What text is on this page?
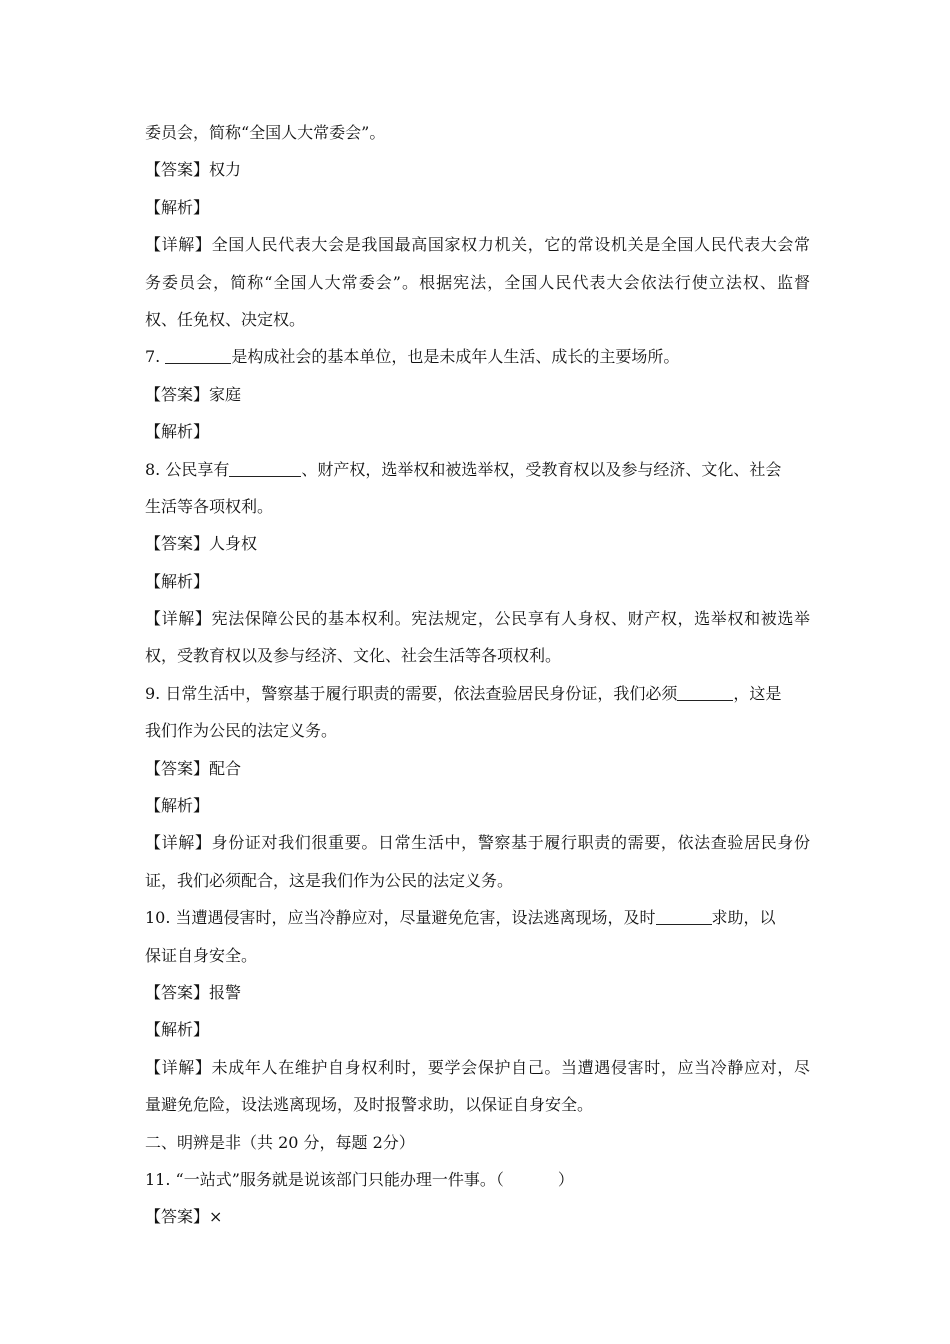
委员会，简称“全国人大常委会”。
【答案】权力
【解析】
【详解】全国人民代表大会是我国最高国家权力机关，它的常设机关是全国人民代表大会常
务委员会，简称“全国人大常委会”。根据宪法，全国人民代表大会依法行使立法权、监督
权、任免权、决定权。
7.	是构成社会的基本单位，也是未成年人生活、成长的主要场所。
【答案】家庭
【解析】
8. 公民享有	、财产权，选举权和被选举权，受教育权以及参与经济、文化、社会
生活等各项权利。
【答案】人身权
【解析】
【详解】宪法保障公民的基本权利。宪法规定，公民享有人身权、财产权，选举权和被选举
权，受教育权以及参与经济、文化、社会生活等各项权利。
9. 日常生活中，警察基于履行职责的需要，依法查验居民身份证，我们必须	，这是
我们作为公民的法定义务。
【答案】配合
【解析】
【详解】身份证对我们很重要。日常生活中，警察基于履行职责的需要，依法查验居民身份
证，我们必须配合，这是我们作为公民的法定义务。
10. 当遭遇侵害时，应当冷静应对，尽量避免危害，设法逃离现场，及时	求助，以
保证自身安全。
【答案】报警
【解析】
【详解】未成年人在维护自身权利时，要学会保护自己。当遭遇侵害时，应当冷静应对，尽
量避免危险，设法逃离现场，及时报警求助，以保证自身安全。
二、明辨是非（共 20 分，每题 2分）
11. “一站式”服务就是说该部门只能办理一件事。（	）
【答案】×
